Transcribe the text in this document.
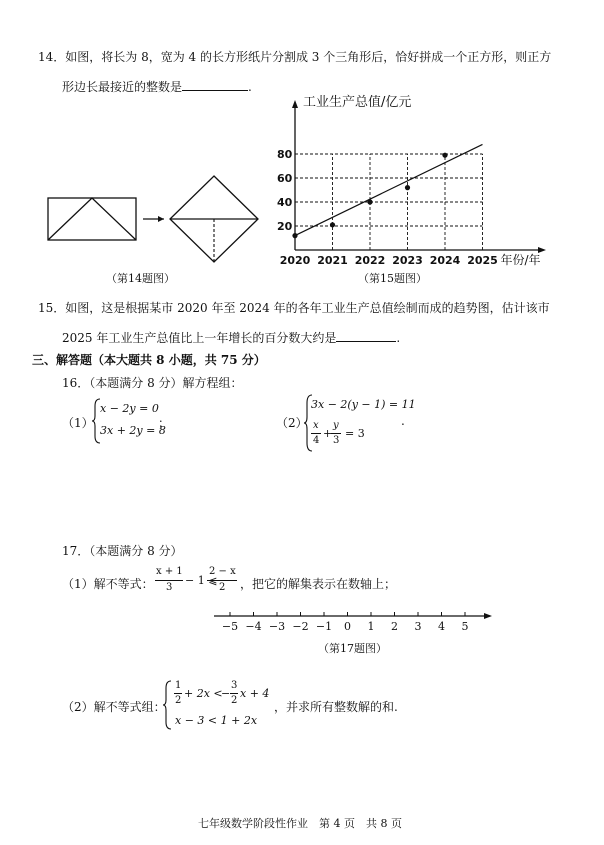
14．如图，将长为 8，宽为 4 的长方形纸片分割成 3 个三角形后，恰好拼成一个正方形，则正方
形边长最接近的整数是	.
（第14题图）
20
40
60
80
2020 2021 2022 2023 2024 2025
工业生产总值/亿元
年份/年
（第15题图）
15．如图，这是根据某市 2020 年至 2024 年的各年工业生产总值绘制而成的趋势图，估计该市
2025 年工业生产总值比上一年增长的百分数大约是	.
三、解答题（本大题共 8 小题，共 75 分）
16．（本题满分 8 分）解方程组：
（1）
x − 2y = 0
3x + 2y = 8
；	（2）
3x − 2(y − 1) = 11
x
4
+
y
3
= 3
.
17．（本题满分 8 分）
（1）解不等式：
x + 1
3
− 1 ⩽
2 − x
2 ，把它的解集表示在数轴上；
−5 −4 −3 −2 −1 0 1 2 3 4 5
（第17题图）
（2）解不等式组：
1
2
+ 2x <
−
3
2
x + 4
x − 3 < 1 + 2x
，并求所有整数解的和.
七年级数学阶段性作业　第 4 页　共 8 页
